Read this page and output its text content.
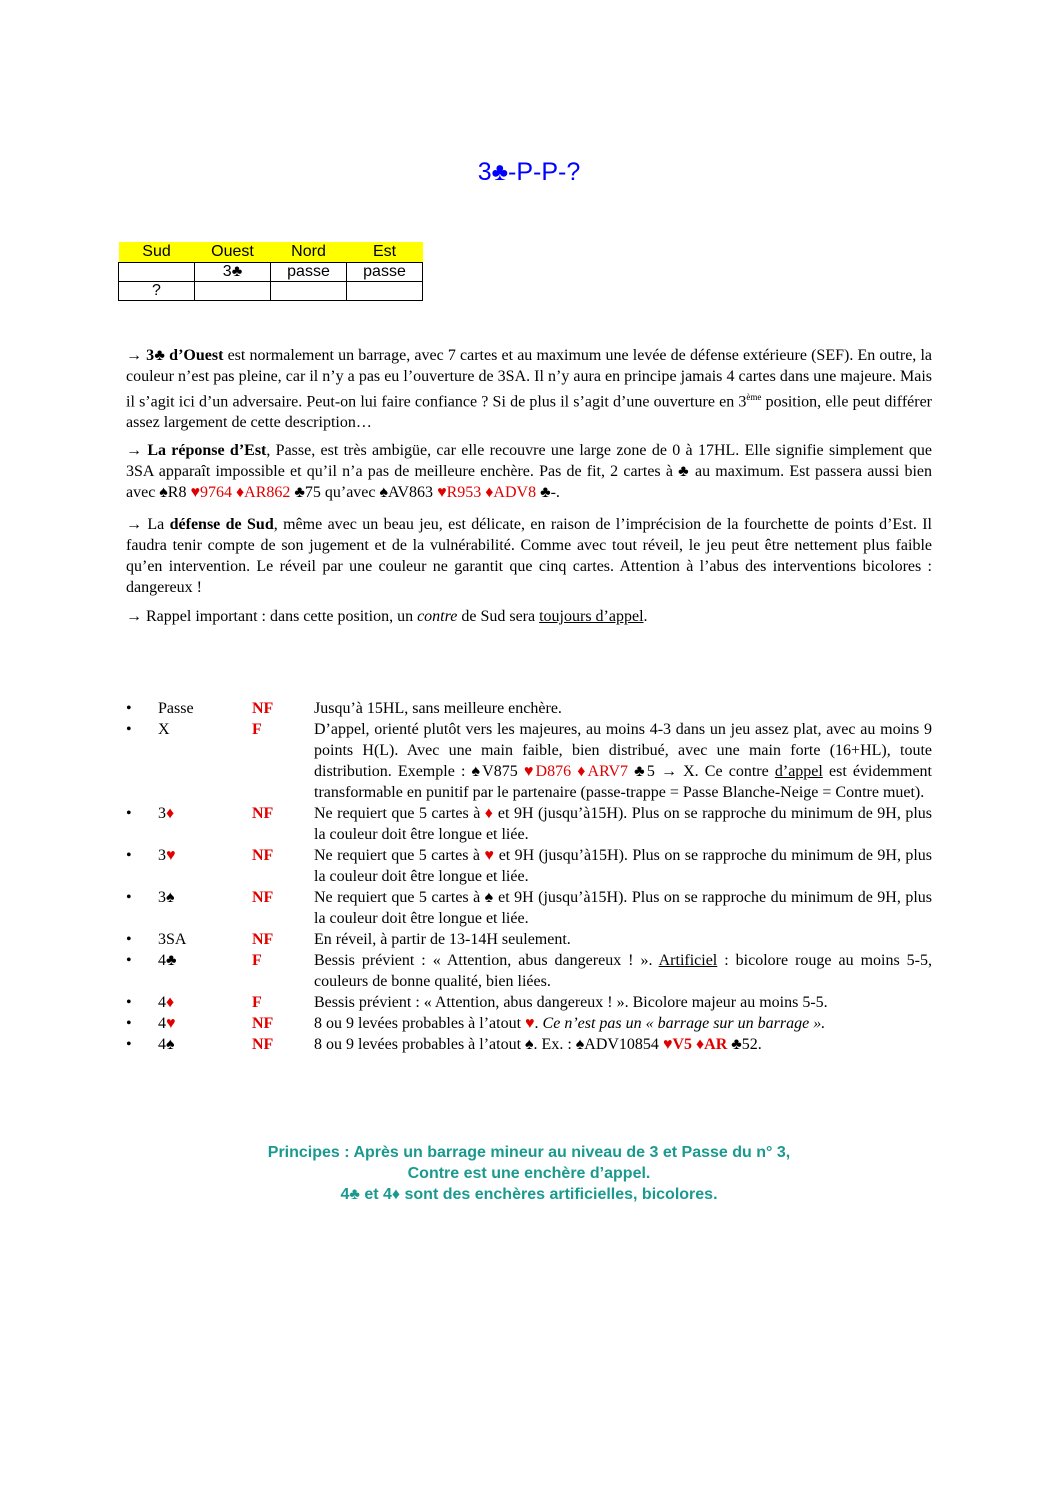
3♣-P-P-?
Sud	Ouest	Nord	Est
	3♣	passe	passe
?			

→ 3♣ d’Ouest est normalement un barrage, avec 7 cartes et au maximum une levée de défense extérieure (SEF). En outre, la couleur n’est pas pleine, car il n’y a pas eu l’ouverture de 3SA. Il n’y aura en principe jamais 4 cartes dans une majeure. Mais il s’agit ici d’un adversaire. Peut-on lui faire confiance ? Si de plus il s’agit d’une ouverture en 3ème position, elle peut différer assez largement de cette description…

→ La réponse d’Est, Passe, est très ambigüe, car elle recouvre une large zone de 0 à 17HL. Elle signifie simplement que 3SA apparaît impossible et qu’il n’a pas de meilleure enchère. Pas de fit, 2 cartes à ♣ au maximum. Est passera aussi bien avec ♠R8 ♥9764 ♦AR862 ♣75 qu’avec ♠AV863 ♥R953 ♦ADV8 ♣-.

→ La défense de Sud, même avec un beau jeu, est délicate, en raison de l’imprécision de la fourchette de points d’Est. Il faudra tenir compte de son jugement et de la vulnérabilité. Comme avec tout réveil, le jeu peut être nettement plus faible qu’en intervention. Le réveil par une couleur ne garantit que cinq cartes. Attention à l’abus des interventions bicolores : dangereux !

→ Rappel important : dans cette position, un contre de Sud sera toujours d’appel.

• Passe	NF	Jusqu’à 15HL, sans meilleure enchère.
• X	F	D’appel, orienté plutôt vers les majeures, au moins 4-3 dans un jeu assez plat, avec au moins 9 points H(L). Avec une main faible, bien distribué, avec une main forte (16+HL), toute distribution. Exemple : ♠V875 ♥D876 ♦ARV7 ♣5 → X. Ce contre d’appel est évidemment transformable en punitif par le partenaire (passe-trappe = Passe Blanche-Neige = Contre muet).
• 3♦	NF	Ne requiert que 5 cartes à ♦ et 9H (jusqu’à15H). Plus on se rapproche du minimum de 9H, plus la couleur doit être longue et liée.
• 3♥	NF	Ne requiert que 5 cartes à ♥ et 9H (jusqu’à15H). Plus on se rapproche du minimum de 9H, plus la couleur doit être longue et liée.
• 3♠	NF	Ne requiert que 5 cartes à ♠ et 9H (jusqu’à15H). Plus on se rapproche du minimum de 9H, plus la couleur doit être longue et liée.
• 3SA	NF	En réveil, à partir de 13-14H seulement.
• 4♣	F	Bessis prévient : « Attention, abus dangereux ! ». Artificiel : bicolore rouge au moins 5-5, couleurs de bonne qualité, bien liées.
• 4♦	F	Bessis prévient : « Attention, abus dangereux ! ». Bicolore majeur au moins 5-5.
• 4♥	NF	8 ou 9 levées probables à l’atout ♥. Ce n’est pas un « barrage sur un barrage ».
• 4♠	NF	8 ou 9 levées probables à l’atout ♠. Ex. : ♠ADV10854 ♥V5 ♦AR ♣52.
Principes : Après un barrage mineur au niveau de 3 et Passe du n° 3,
Contre est une enchère d’appel.
4♣ et 4♦ sont des enchères artificielles, bicolores.
